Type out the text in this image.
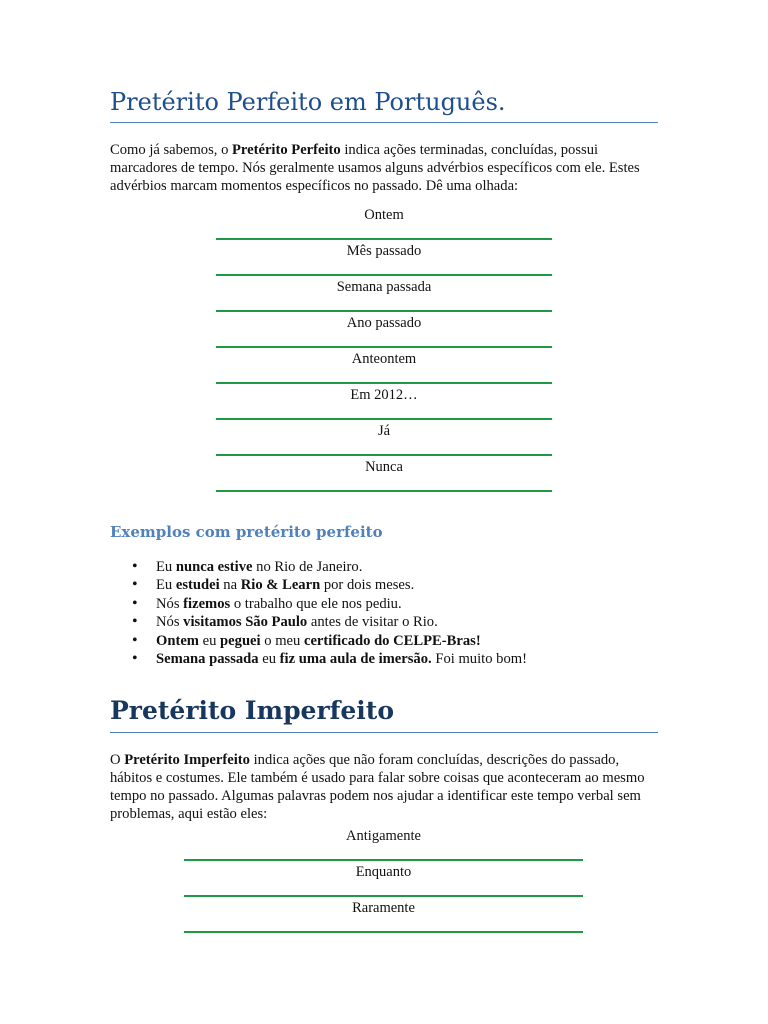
Pretérito Perfeito em Português.

Como já sabemos, o Pretérito Perfeito indica ações terminadas, concluídas, possui marcadores de tempo. Nós geralmente usamos alguns advérbios específicos com ele. Estes advérbios marcam momentos específicos no passado. Dê uma olhada:

Ontem
Mês passado
Semana passada
Ano passado
Anteontem
Em 2012…
Já
Nunca
Exemplos com pretérito perfeito
• Eu nunca estive no Rio de Janeiro.
• Eu estudei na Rio & Learn por dois meses.
• Nós fizemos o trabalho que ele nos pediu.
• Nós visitamos São Paulo antes de visitar o Rio.
• Ontem eu peguei o meu certificado do CELPE-Bras!
• Semana passada eu fiz uma aula de imersão. Foi muito bom!
Pretérito Imperfeito

O Pretérito Imperfeito indica ações que não foram concluídas, descrições do passado, hábitos e costumes. Ele também é usado para falar sobre coisas que aconteceram ao mesmo tempo no passado. Algumas palavras podem nos ajudar a identificar este tempo verbal sem problemas, aqui estão eles:

Antigamente
Enquanto
Raramente
